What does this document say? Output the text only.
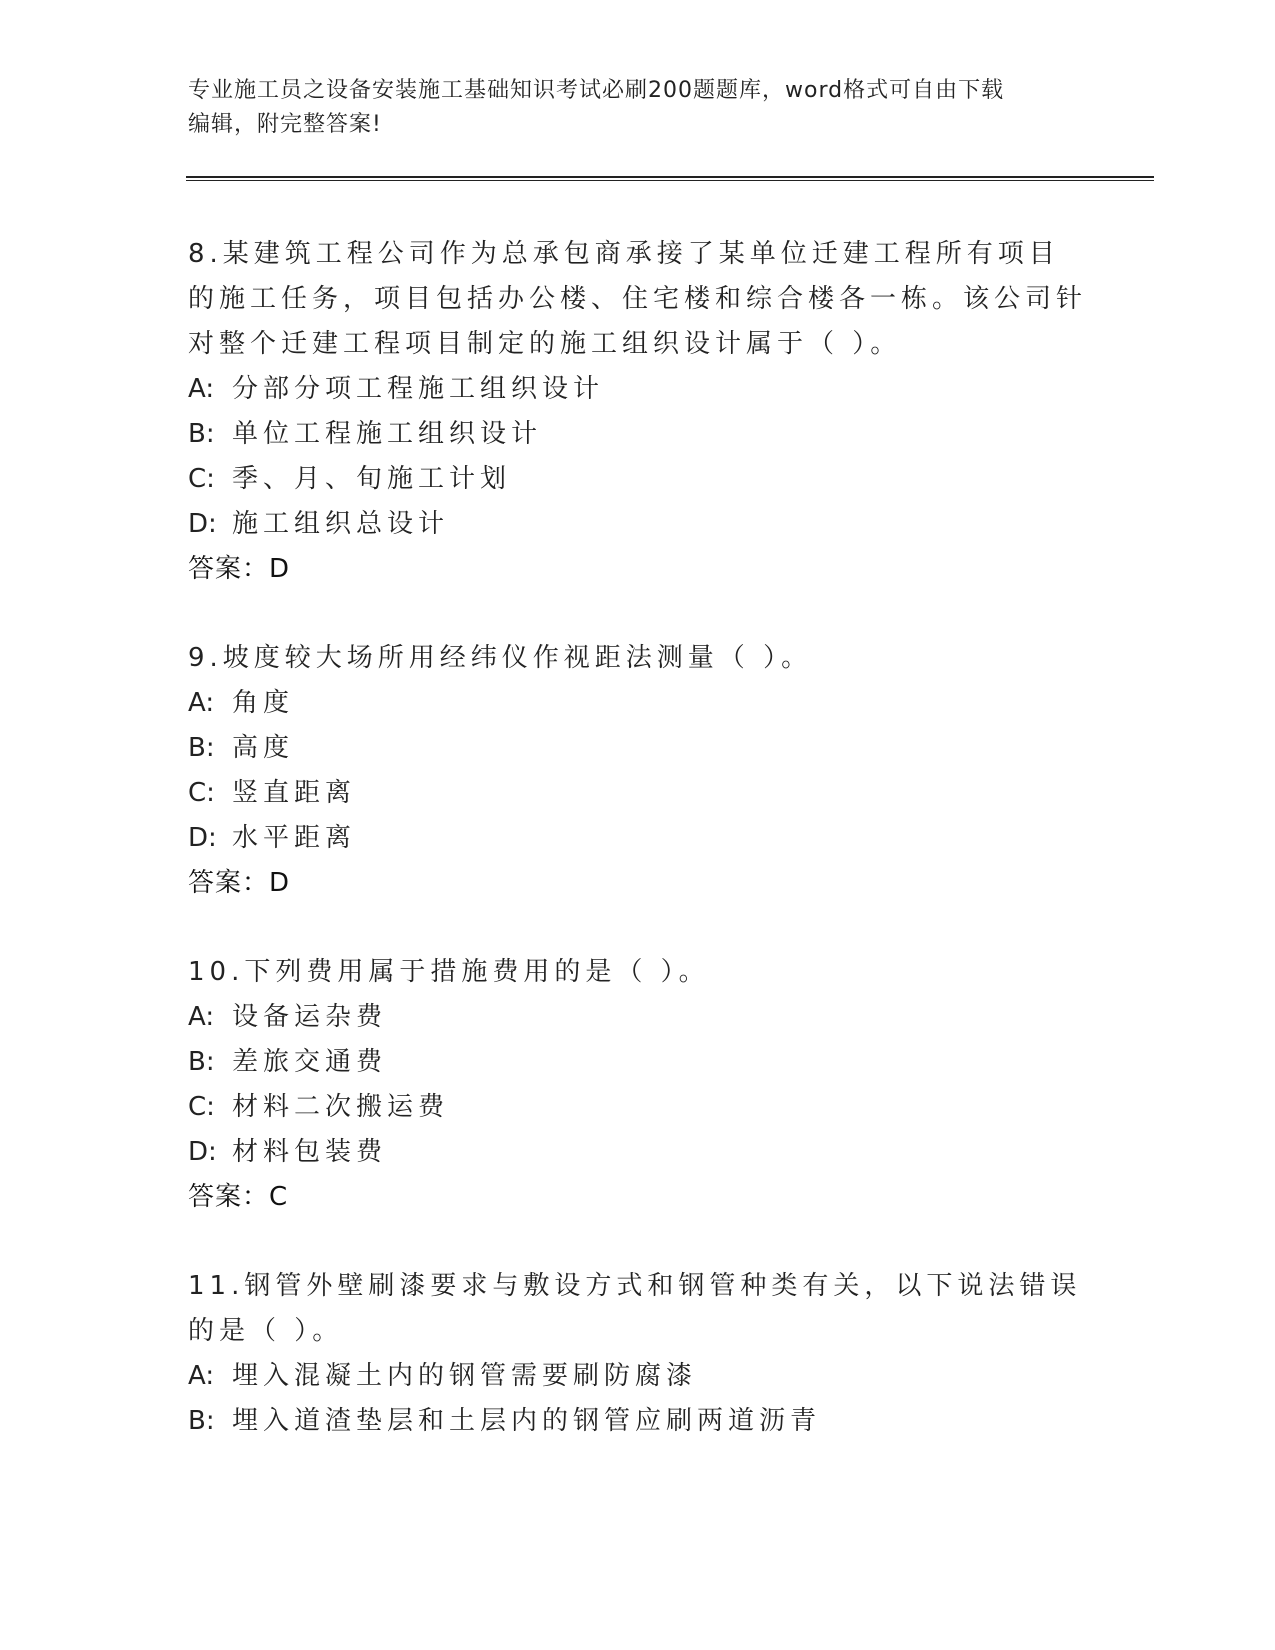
专业施工员之设备安装施工基础知识考试必刷200题题库，word格式可自由下载
编辑，附完整答案!
8.某建筑工程公司作为总承包商承接了某单位迁建工程所有项目的施工任务，项目包括办公楼、住宅楼和综合楼各一栋。该公司针对整个迁建工程项目制定的施工组织设计属于（ ）。
A: 分部分项工程施工组织设计
B: 单位工程施工组织设计
C: 季、月、旬施工计划
D: 施工组织总设计
答案：D
9.坡度较大场所用经纬仪作视距法测量（ ）。
A: 角度
B: 高度
C: 竖直距离
D: 水平距离
答案：D
10.下列费用属于措施费用的是（ ）。
A: 设备运杂费
B: 差旅交通费
C: 材料二次搬运费
D: 材料包装费
答案：C
11.钢管外壁刷漆要求与敷设方式和钢管种类有关，以下说法错误的是（ ）。
A: 埋入混凝土内的钢管需要刷防腐漆
B: 埋入道渣垫层和土层内的钢管应刷两道沥青
